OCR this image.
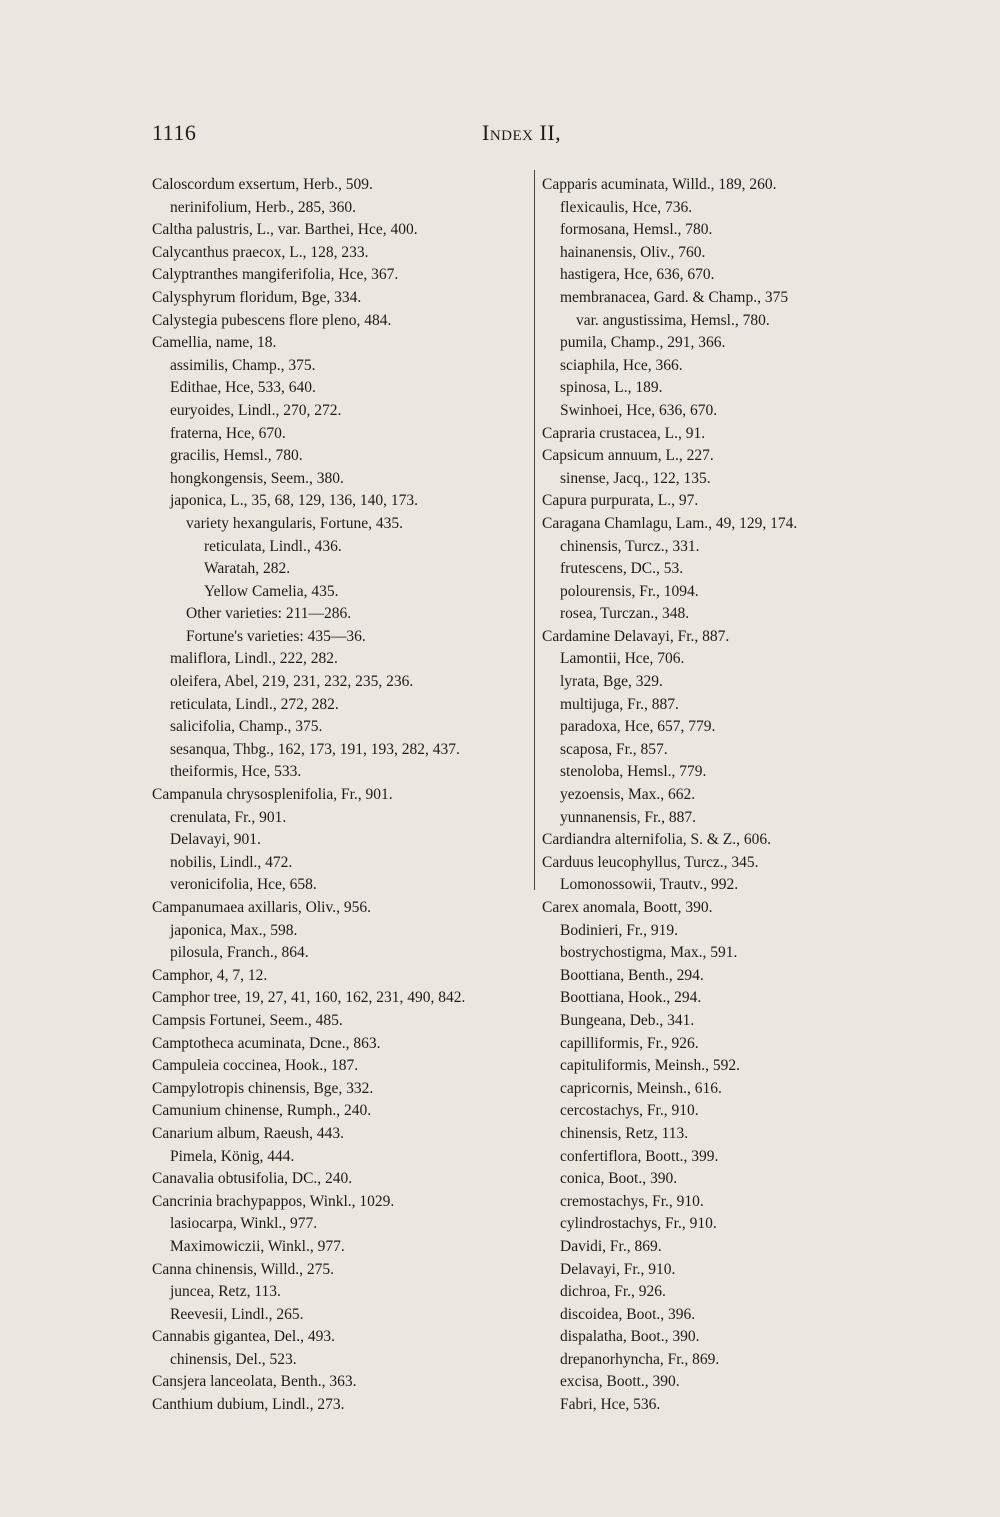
1116	Index II,
Caloscordum exsertum, Herb., 509.
nerinifolium, Herb., 285, 360.
Caltha palustris, L., var. Barthei, Hce, 400.
Calycanthus praecox, L., 128, 233.
Calyptranthes mangiferifolia, Hce, 367.
Calysphyrum floridum, Bge, 334.
Calystegia pubescens flore pleno, 484.
Camellia, name, 18.
assimilis, Champ., 375.
Edithae, Hce, 533, 640.
euryoides, Lindl., 270, 272.
fraterna, Hce, 670.
gracilis, Hemsl., 780.
hongkongensis, Seem., 380.
japonica, L., 35, 68, 129, 136, 140, 173.
variety hexangularis, Fortune, 435.
reticulata, Lindl., 436.
Waratah, 282.
Yellow Camelia, 435.
Other varieties: 211—286.
Fortune's varieties: 435—36.
maliflora, Lindl., 222, 282.
oleifera, Abel, 219, 231, 232, 235, 236.
reticulata, Lindl., 272, 282.
salicifolia, Champ., 375.
sesanqua, Thbg., 162, 173, 191, 193, 282, 437.
theiformis, Hce, 533.
Campanula chrysosplenifolia, Fr., 901.
crenulata, Fr., 901.
Delavayi, 901.
nobilis, Lindl., 472.
veronicifolia, Hce, 658.
Campanumaea axillaris, Oliv., 956.
japonica, Max., 598.
pilosula, Franch., 864.
Camphor, 4, 7, 12.
Camphor tree, 19, 27, 41, 160, 162, 231, 490, 842.
Campsis Fortunei, Seem., 485.
Camptotheca acuminata, Dcne., 863.
Campuleia coccinea, Hook., 187.
Campylotropis chinensis, Bge, 332.
Camunium chinense, Rumph., 240.
Canarium album, Raeush, 443.
Pimela, König, 444.
Canavalia obtusifolia, DC., 240.
Cancrinia brachypappos, Winkl., 1029.
lasiocarpa, Winkl., 977.
Maximowiczii, Winkl., 977.
Canna chinensis, Willd., 275.
juncea, Retz, 113.
Reevesii, Lindl., 265.
Cannabis gigantea, Del., 493.
chinensis, Del., 523.
Cansjera lanceolata, Benth., 363.
Canthium dubium, Lindl., 273.
Capparis acuminata, Willd., 189, 260.
flexicaulis, Hce, 736.
formosana, Hemsl., 780.
hainanensis, Oliv., 760.
hastigera, Hce, 636, 670.
membranacea, Gard. & Champ., 375
var. angustissima, Hemsl., 780.
pumila, Champ., 291, 366.
sciaphila, Hce, 366.
spinosa, L., 189.
Swinhoei, Hce, 636, 670.
Capraria crustacea, L., 91.
Capsicum annuum, L., 227.
sinense, Jacq., 122, 135.
Capura purpurata, L., 97.
Caragana Chamlagu, Lam., 49, 129, 174.
chinensis, Turcz., 331.
frutescens, DC., 53.
polourensis, Fr., 1094.
rosea, Turczan., 348.
Cardamine Delavayi, Fr., 887.
Lamontii, Hce, 706.
lyrata, Bge, 329.
multijuga, Fr., 887.
paradoxa, Hce, 657, 779.
scaposa, Fr., 857.
stenoloba, Hemsl., 779.
yezoensis, Max., 662.
yunnanensis, Fr., 887.
Cardiandra alternifolia, S. & Z., 606.
Carduus leucophyllus, Turcz., 345.
Lomonossowii, Trautv., 992.
Carex anomala, Boott, 390.
Bodinieri, Fr., 919.
bostrychostigma, Max., 591.
Boottiana, Benth., 294.
Boottiana, Hook., 294.
Bungeana, Deb., 341.
capilliformis, Fr., 926.
capituliformis, Meinsh., 592.
capricornis, Meinsh., 616.
cercostachys, Fr., 910.
chinensis, Retz, 113.
confertiflora, Boott., 399.
conica, Boot., 390.
cremostachys, Fr., 910.
cylindrostachys, Fr., 910.
Davidi, Fr., 869.
Delavayi, Fr., 910.
dichroa, Fr., 926.
discoidea, Boot., 396.
dispalatha, Boot., 390.
drepanorhyncha, Fr., 869.
excisa, Boott., 390.
Fabri, Hce, 536.
